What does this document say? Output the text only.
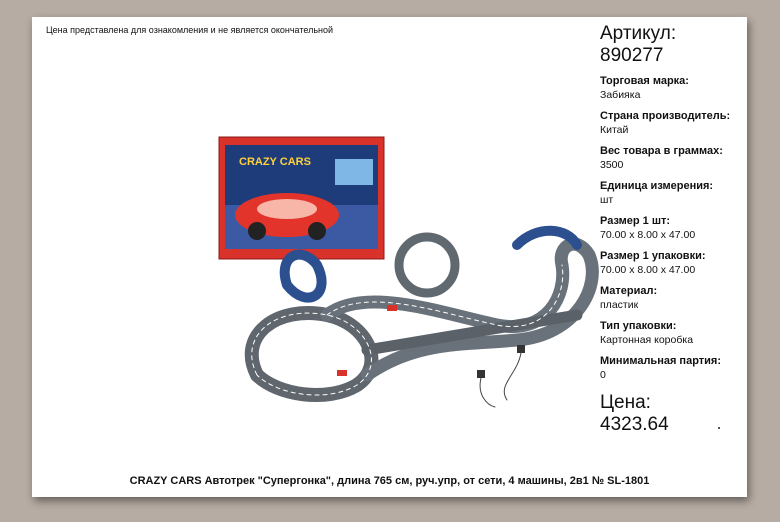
Цена представлена для ознакомления и не является окончательной
CRAZY CARS
Артикул:
890277
Торговая марка:
Забияка
Страна производитель:
Китай
Вес товара в граммах:
3500
Единица измерения:
шт
Размер 1 шт:
70.00 х 8.00 х 47.00
Размер 1 упаковки:
70.00 х 8.00 х 47.00
Материал:
пластик
Тип упаковки:
Картонная коробка
Минимальная партия:
0
Цена:
4323.64
CRAZY CARS Автотрек "Супергонка", длина 765 см, руч.упр, от сети, 4 машины, 2в1 № SL-1801
